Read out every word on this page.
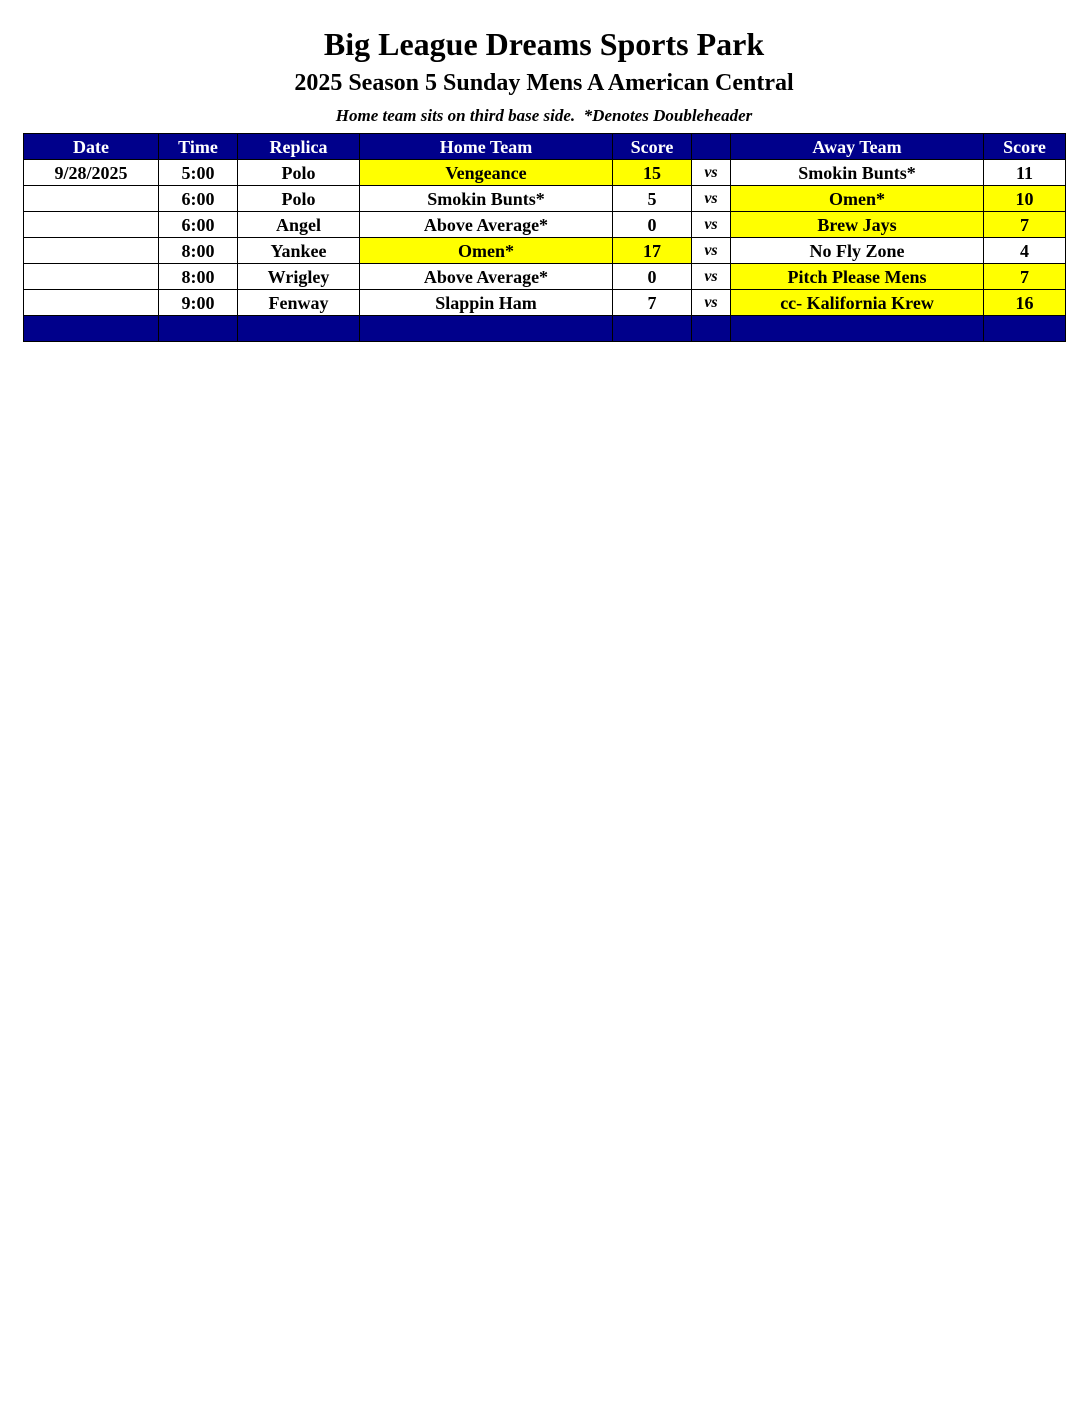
Big League Dreams Sports Park
2025 Season 5 Sunday Mens A American Central
Home team sits on third base side.  *Denotes Doubleheader
Date	Time	Replica	Home Team	Score		Away Team	Score
9/28/2025	5:00	Polo	Vengeance	15	vs	Smokin Bunts*	11
	6:00	Polo	Smokin Bunts*	5	vs	Omen*	10
	6:00	Angel	Above Average*	0	vs	Brew Jays	7
	8:00	Yankee	Omen*	17	vs	No Fly Zone	4
	8:00	Wrigley	Above Average*	0	vs	Pitch Please Mens	7
	9:00	Fenway	Slappin Ham	7	vs	cc- Kalifornia Krew	16
